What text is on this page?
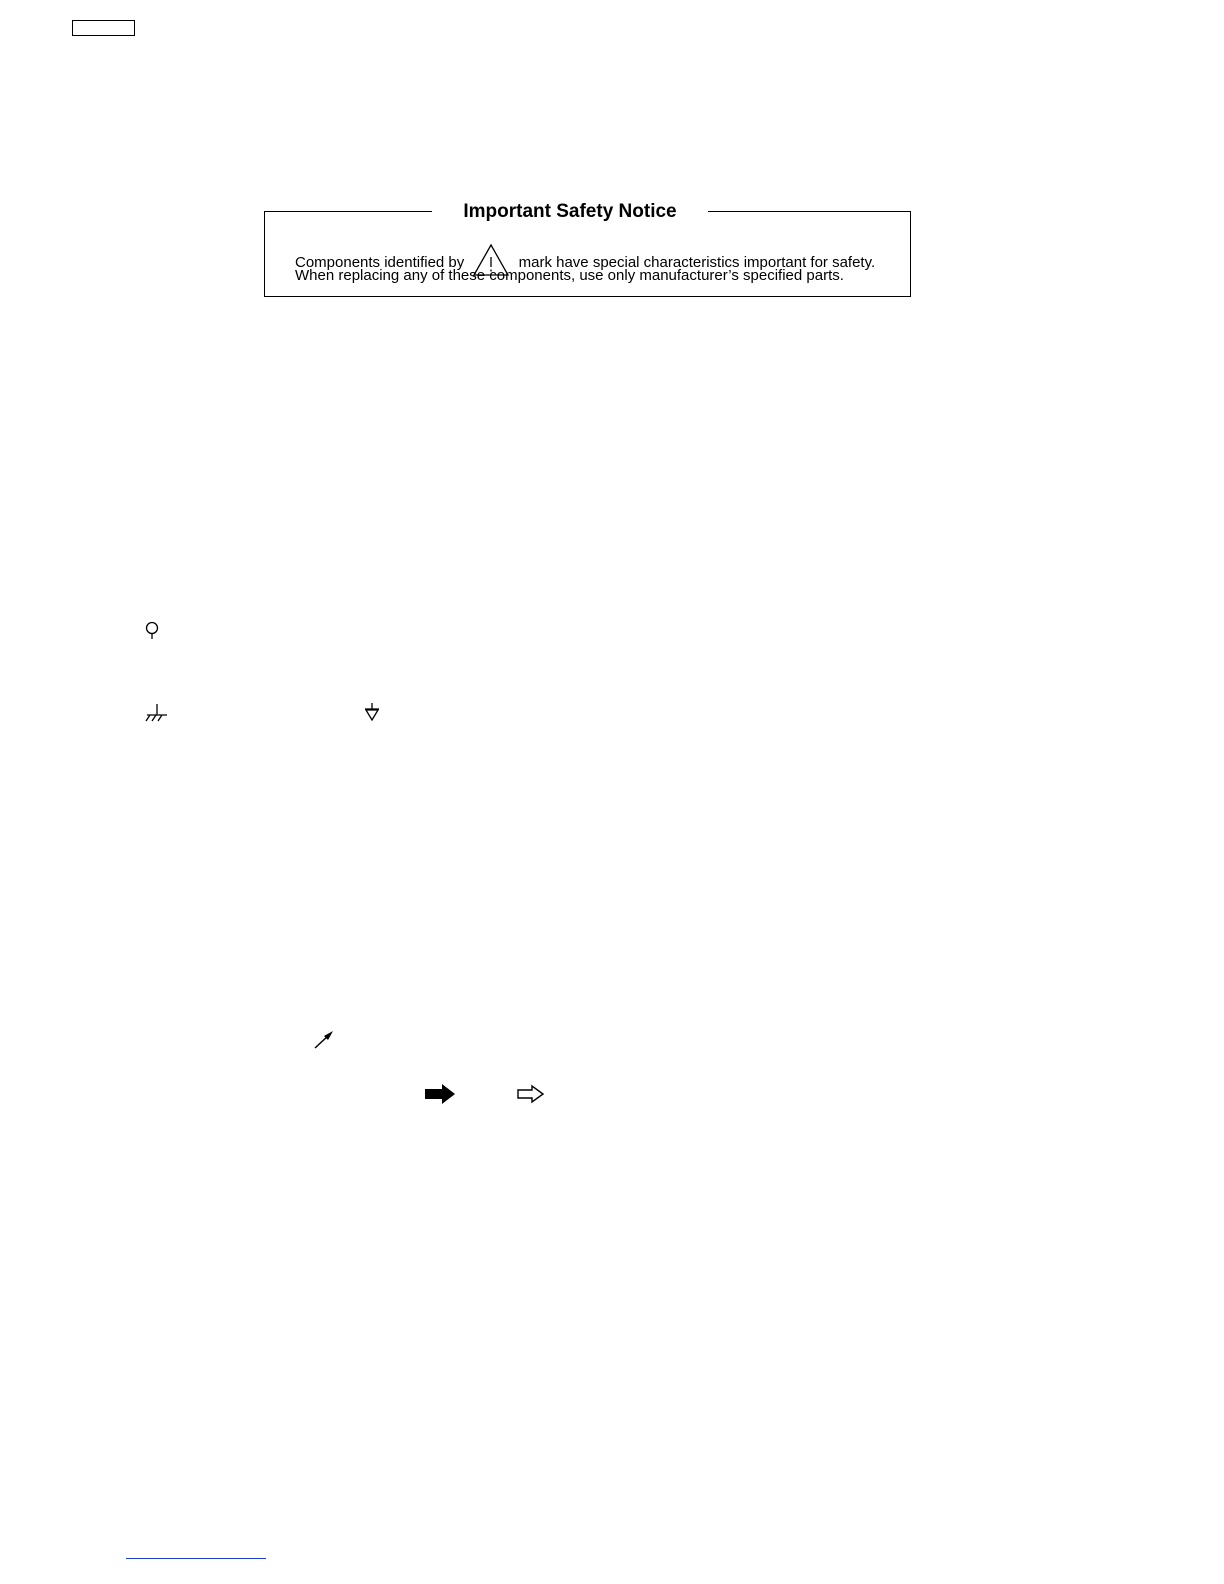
Important Safety Notice
Components identified by	mark have special characteristics important for safety.
When replacing any of these components, use only manufacturer’s specified parts.
